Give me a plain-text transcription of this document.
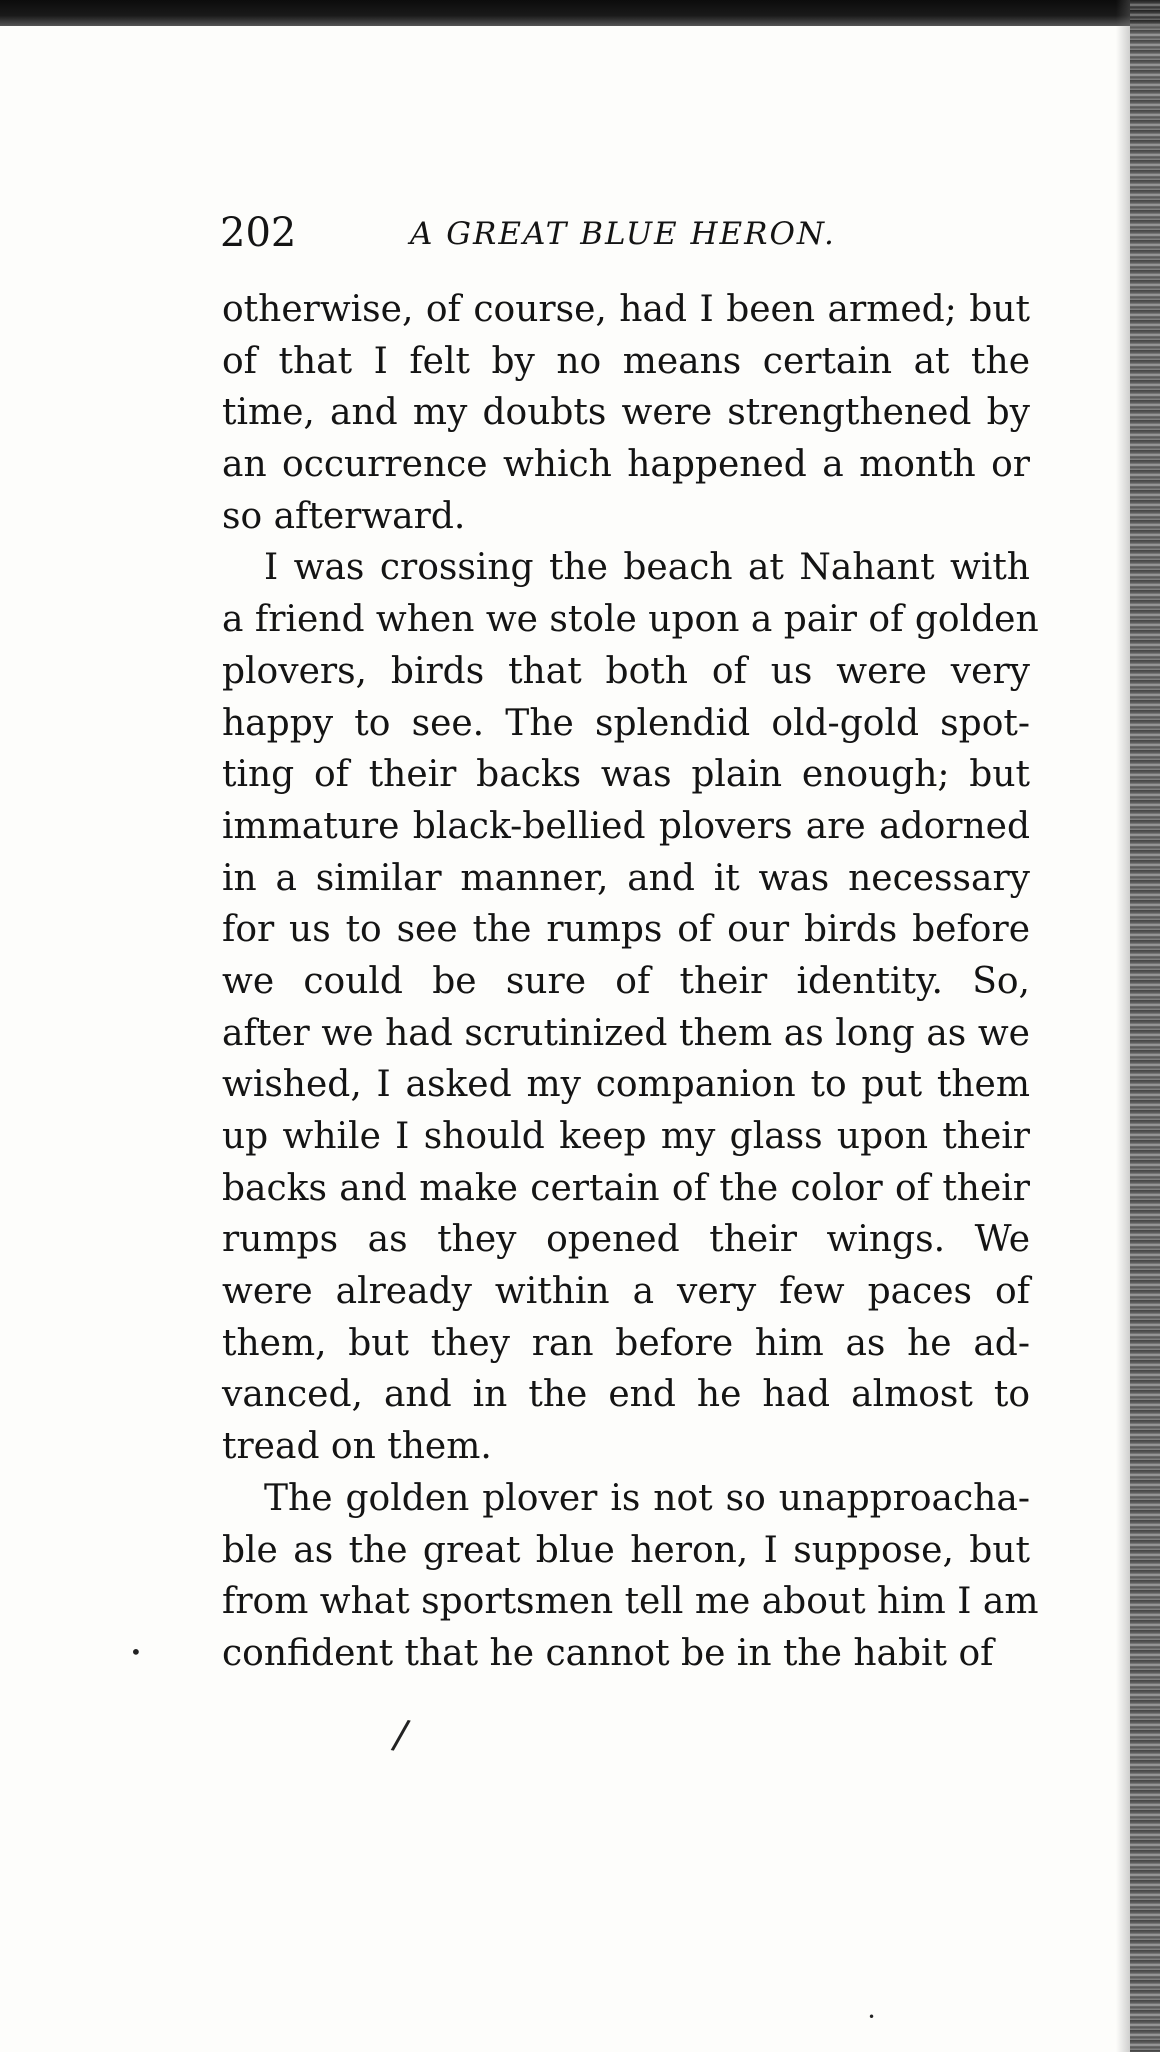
202	A GREAT BLUE HERON.
otherwise, of course, had I been armed; but
of that I felt by no means certain at the
time, and my doubts were strengthened by
an occurrence which happened a month or
so afterward.
I was crossing the beach at Nahant with
a friend when we stole upon a pair of golden
plovers, birds that both of us were very
happy to see. The splendid old-gold spot-
ting of their backs was plain enough; but
immature black-bellied plovers are adorned
in a similar manner, and it was necessary
for us to see the rumps of our birds before
we could be sure of their identity. So,
after we had scrutinized them as long as we
wished, I asked my companion to put them
up while I should keep my glass upon their
backs and make certain of the color of their
rumps as they opened their wings. We
were already within a very few paces of
them, but they ran before him as he ad-
vanced, and in the end he had almost to
tread on them.
The golden plover is not so unapproacha-
ble as the great blue heron, I suppose, but
from what sportsmen tell me about him I am
confident that he cannot be in the habit of
•
/
•
